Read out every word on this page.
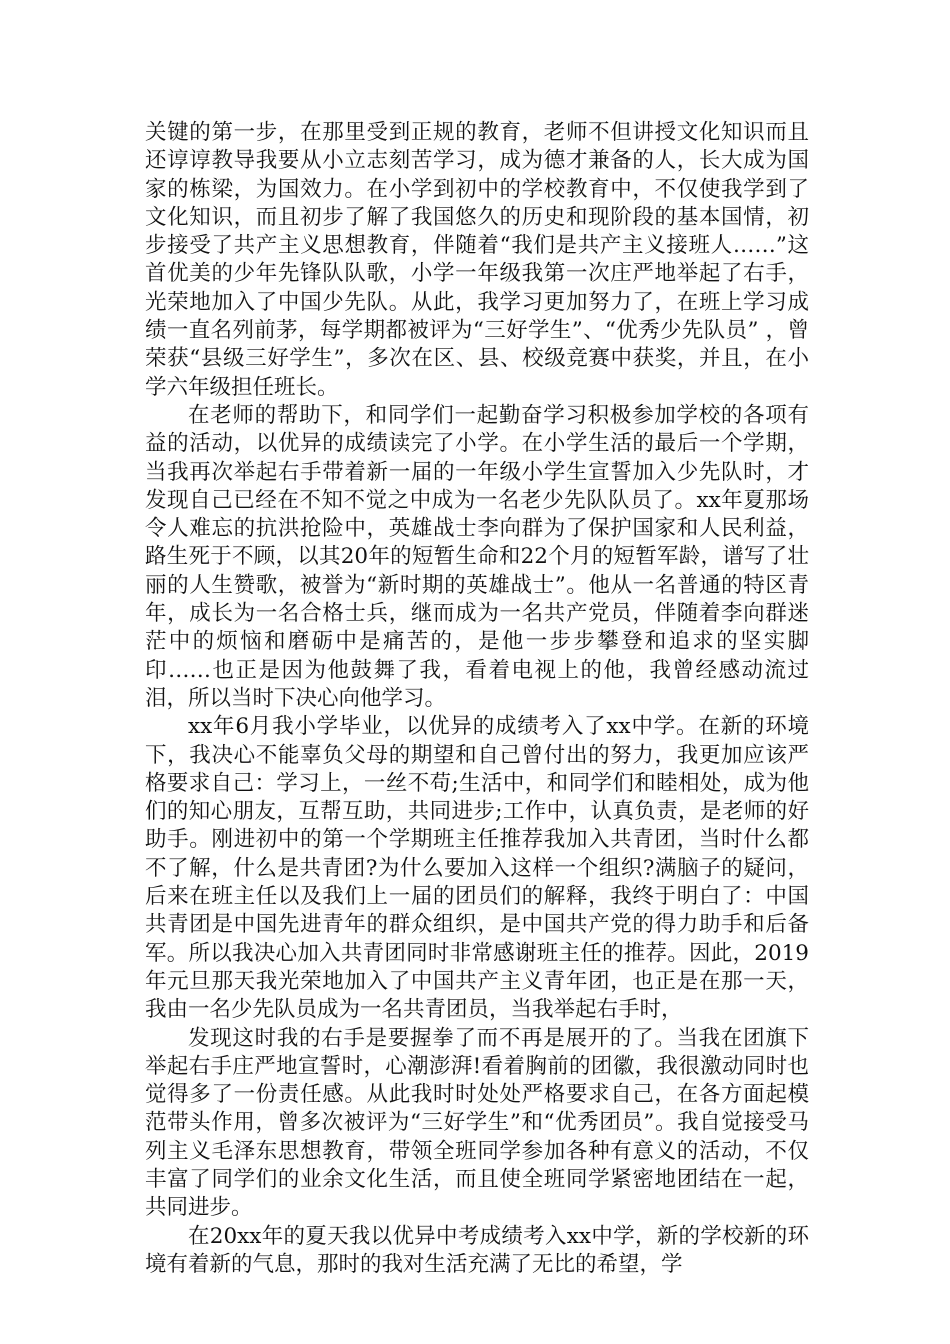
关键的第一步，在那里受到正规的教育，老师不但讲授文化知识而且还谆谆教导我要从小立志刻苦学习，成为德才兼备的人，长大成为国家的栋梁，为国效力。在小学到初中的学校教育中，不仅使我学到了文化知识，而且初步了解了我国悠久的历史和现阶段的基本国情，初步接受了共产主义思想教育，伴随着“我们是共产主义接班人……”这首优美的少年先锋队队歌，小学一年级我第一次庄严地举起了右手，光荣地加入了中国少先队。从此，我学习更加努力了，在班上学习成绩一直名列前茅，每学期都被评为“三好学生”、“优秀少先队员” ，曾荣获“县级三好学生”，多次在区、县、校级竞赛中获奖，并且，在小学六年级担任班长。

在老师的帮助下，和同学们一起勤奋学习积极参加学校的各项有益的活动，以优异的成绩读完了小学。在小学生活的最后一个学期，当我再次举起右手带着新一届的一年级小学生宣誓加入少先队时，才发现自己已经在不知不觉之中成为一名老少先队队员了。xx年夏那场令人难忘的抗洪抢险中，英雄战士李向群为了保护国家和人民利益，路生死于不顾，以其20年的短暂生命和22个月的短暂军龄，谱写了壮丽的人生赞歌，被誉为“新时期的英雄战士”。他从一名普通的特区青年，成长为一名合格士兵，继而成为一名共产党员，伴随着李向群迷茫中的烦恼和磨砺中是痛苦的，是他一步步攀登和追求的坚实脚印……也正是因为他鼓舞了我，看着电视上的他，我曾经感动流过泪，所以当时下决心向他学习。

xx年6月我小学毕业，以优异的成绩考入了xx中学。在新的环境下，我决心不能辜负父母的期望和自己曾付出的努力，我更加应该严格要求自己：学习上，一丝不苟;生活中，和同学们和睦相处，成为他们的知心朋友，互帮互助，共同进步;工作中，认真负责，是老师的好助手。刚进初中的第一个学期班主任推荐我加入共青团，当时什么都不了解，什么是共青团?为什么要加入这样一个组织?满脑子的疑问，后来在班主任以及我们上一届的团员们的解释，我终于明白了：中国共青团是中国先进青年的群众组织，是中国共产党的得力助手和后备军。所以我决心加入共青团同时非常感谢班主任的推荐。因此，2019年元旦那天我光荣地加入了中国共产主义青年团，也正是在那一天，我由一名少先队员成为一名共青团员，当我举起右手时，

发现这时我的右手是要握拳了而不再是展开的了。当我在团旗下举起右手庄严地宣誓时，心潮澎湃!看着胸前的团徽，我很激动同时也觉得多了一份责任感。从此我时时处处严格要求自己，在各方面起模范带头作用，曾多次被评为“三好学生”和“优秀团员”。我自觉接受马列主义毛泽东思想教育，带领全班同学参加各种有意义的活动，不仅丰富了同学们的业余文化生活，而且使全班同学紧密地团结在一起，共同进步。

在20xx年的夏天我以优异中考成绩考入xx中学，新的学校新的环境有着新的气息，那时的我对生活充满了无比的希望，学
